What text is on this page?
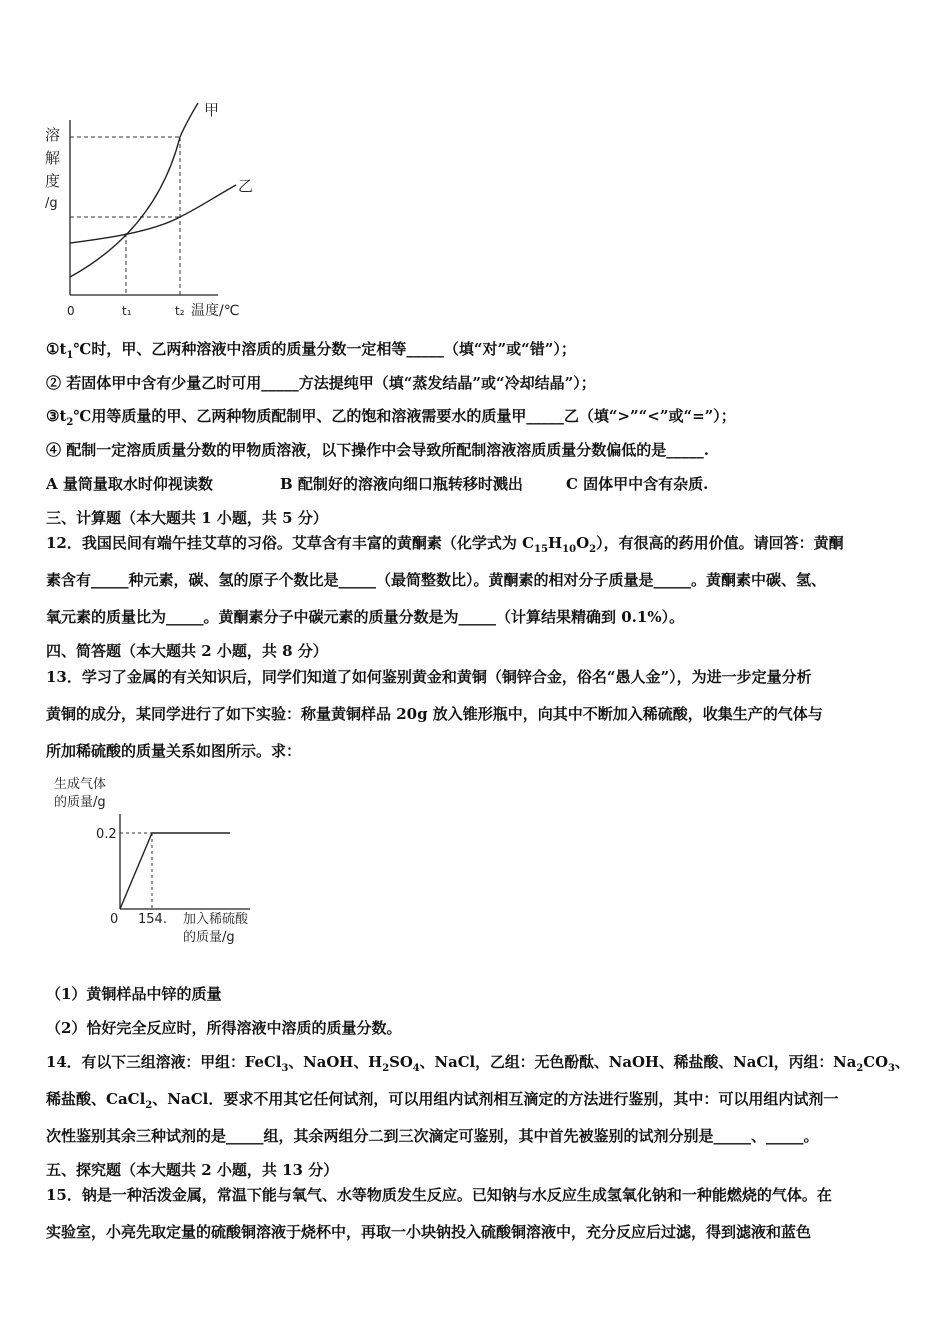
溶
解
度
/g
甲
乙
0	t₁	t₂ 温度/℃
$①t_1℃$时，甲、乙两种溶液中溶质的质量分数一定相等_____（填“对”或“错”）；
② 若固体甲中含有少量乙时可用_____方法提纯甲（填“蒸发结晶”或“冷却结晶”）；
$③t_2℃$用等质量的甲、乙两种物质配制甲、乙的饱和溶液需要水的质量甲_____乙（填“>”“<”或“=”）；
④ 配制一定溶质质量分数的甲物质溶液，以下操作中会导致所配制溶液溶质质量分数偏低的是_____.
A 量筒量取水时仰视读数	B 配制好的溶液向细口瓶转移时溅出	C 固体甲中含有杂质.
三、计算题（本大题共 1 小题，共 5 分）
12．我国民间有端午挂艾草的习俗。艾草含有丰富的黄酮素（化学式为 $C_{15}H_{10}O_2$），有很高的药用价值。请回答：黄酮
素含有_____种元素，碳、氢的原子个数比是_____（最简整数比）。黄酮素的相对分子质量是_____。黄酮素中碳、氢、
氧元素的质量比为_____。黄酮素分子中碳元素的质量分数是为_____（计算结果精确到 0.1%）。
四、简答题（本大题共 2 小题，共 8 分）
13．学习了金属的有关知识后，同学们知道了如何鉴别黄金和黄铜（铜锌合金，俗名“愚人金”），为进一步定量分析
黄铜的成分，某同学进行了如下实验：称量黄铜样品 20g 放入锥形瓶中，向其中不断加入稀硫酸，收集生产的气体与
所加稀硫酸的质量关系如图所示。求：
生成气体
的质量/g
0.2
0 154. 加入稀硫酸
的质量/g
（1）黄铜样品中锌的质量
（2）恰好完全反应时，所得溶液中溶质的质量分数。
14．有以下三组溶液：甲组：FeCl$_3$、NaOH、$H_2SO_4$、NaCl，乙组：无色酚酞、NaOH、稀盐酸、NaCl，丙组：$Na_2CO_3$、
稀盐酸、CaCl$_2$、NaCl．要求不用其它任何试剂，可以用组内试剂相互滴定的方法进行鉴别，其中：可以用组内试剂一
次性鉴别其余三种试剂的是_____组，其余两组分二到三次滴定可鉴别，其中首先被鉴别的试剂分别是_____、_____。
五、探究题（本大题共 2 小题，共 13 分）
15．钠是一种活泼金属，常温下能与氧气、水等物质发生反应。已知钠与水反应生成氢氧化钠和一种能燃烧的气体。在
实验室，小亮先取定量的硫酸铜溶液于烧杯中，再取一小块钠投入硫酸铜溶液中，充分反应后过滤，得到滤液和蓝色
